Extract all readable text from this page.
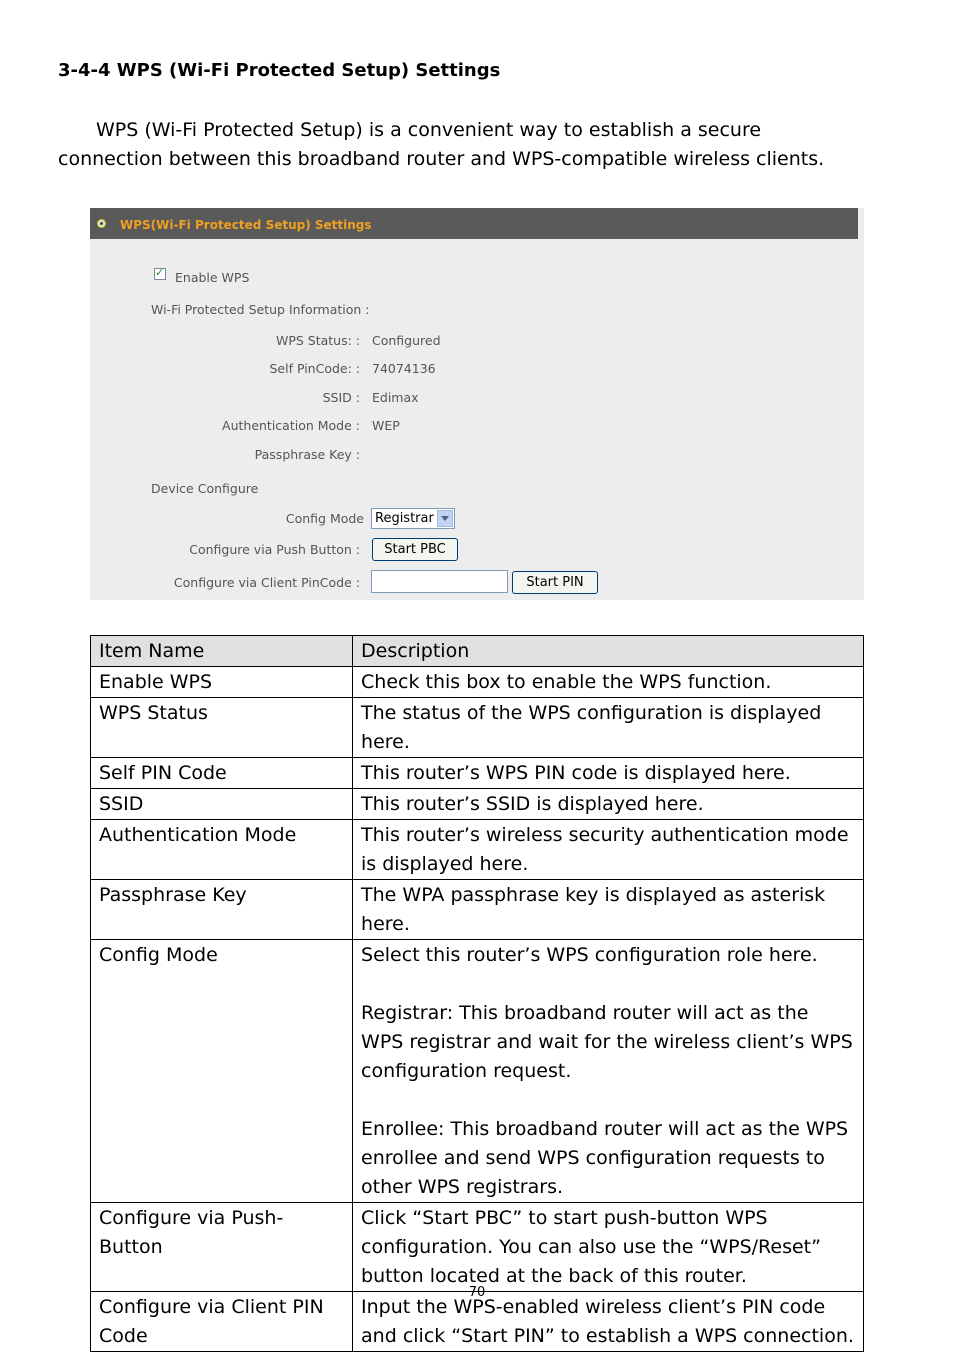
3-4-4 WPS (Wi-Fi Protected Setup) Settings
WPS (Wi-Fi Protected Setup) is a convenient way to establish a secure connection between this broadband router and WPS-compatible wireless clients.
WPS(Wi-Fi Protected Setup) Settings
✓
Enable WPS
Wi-Fi Protected Setup Information :
WPS Status: : Configured
Self PinCode: : 74074136
SSID : Edimax
Authentication Mode : WEP
Passphrase Key :
Device Configure
Config Mode Registrar
Configure via Push Button :	Start PBC
Configure via Client PinCode :	Start PIN
Item Name	Description
Enable WPS	Check this box to enable the WPS function.
WPS Status	The status of the WPS configuration is displayed here.
Self PIN Code	This router’s WPS PIN code is displayed here.
SSID	This router’s SSID is displayed here.
Authentication Mode	This router’s wireless security authentication mode is displayed here.
Passphrase Key	The WPA passphrase key is displayed as asterisk here.
Config Mode	Select this router’s WPS configuration role here.
Registrar: This broadband router will act as the WPS registrar and wait for the wireless client’s WPS configuration request.
Enrollee: This broadband router will act as the WPS enrollee and send WPS configuration requests to other WPS registrars.

Configure via Push-Button	Click “Start PBC” to start push-button WPS configuration. You can also use the “WPS/Reset” button located at the back of this router.
Configure via Client PIN Code	Input the WPS-enabled wireless client’s PIN code and click “Start PIN” to establish a WPS connection.
70
